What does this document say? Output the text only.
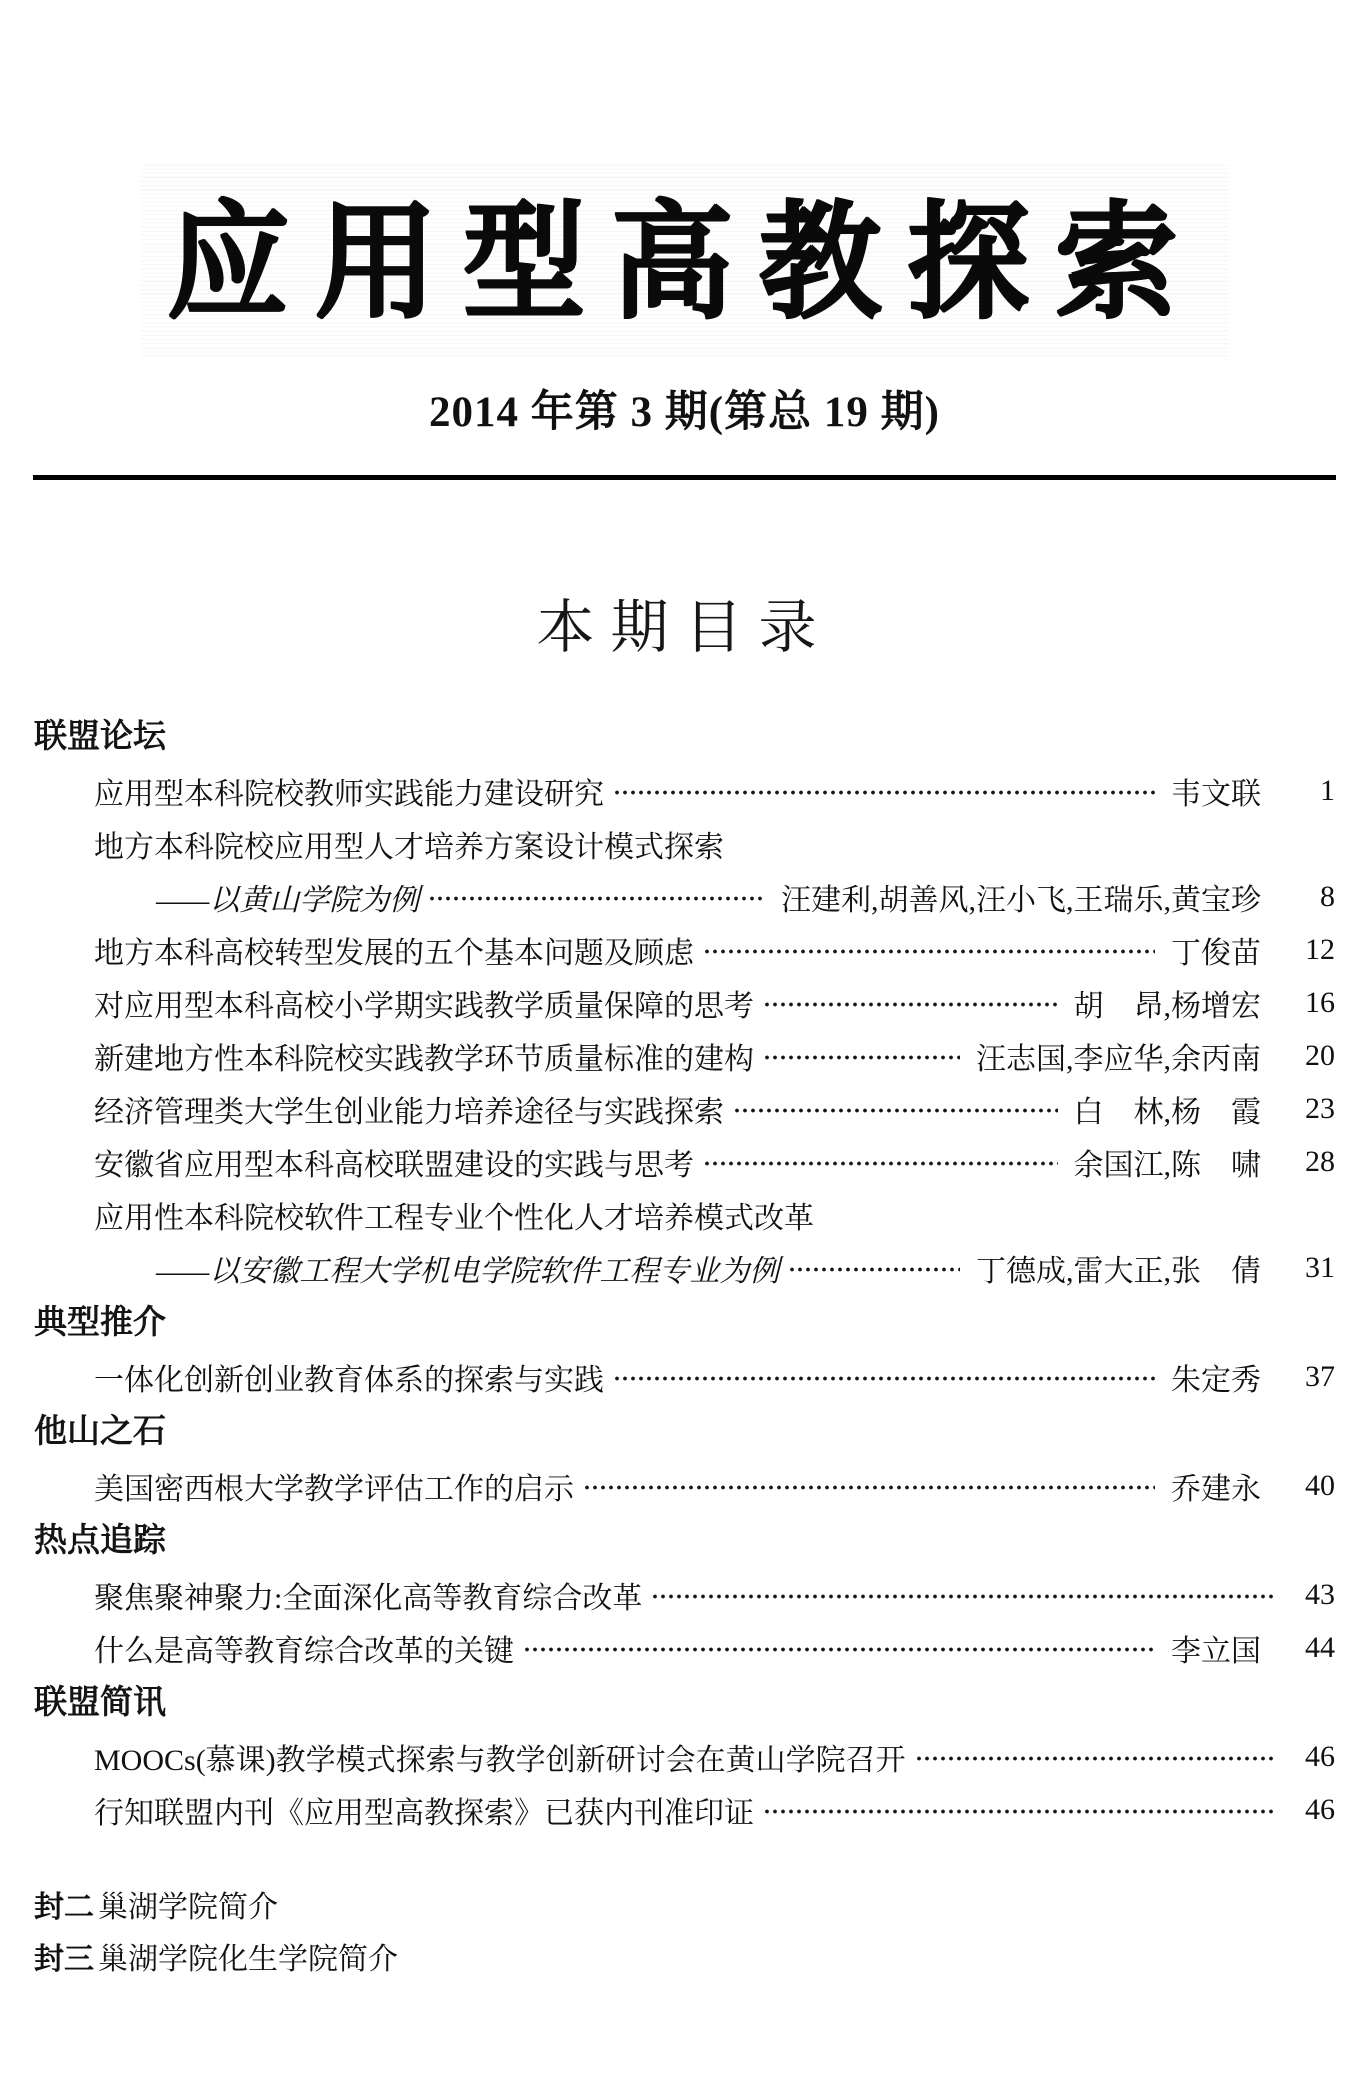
应用型高教探索
2014 年第 3 期(第总 19 期)
本期目录
联盟论坛
应用型本科院校教师实践能力建设研究	韦文联	1
地方本科院校应用型人才培养方案设计模式探索
——以黄山学院为例	汪建利,胡善风,汪小飞,王瑞乐,黄宝珍	8
地方本科高校转型发展的五个基本问题及顾虑	丁俊苗	12
对应用型本科高校小学期实践教学质量保障的思考	胡　昂,杨增宏	16
新建地方性本科院校实践教学环节质量标准的建构	汪志国,李应华,余丙南	20
经济管理类大学生创业能力培养途径与实践探索	白　林,杨　霞	23
安徽省应用型本科高校联盟建设的实践与思考	余国江,陈　啸	28
应用性本科院校软件工程专业个性化人才培养模式改革
——以安徽工程大学机电学院软件工程专业为例	丁德成,雷大正,张　倩	31
典型推介
一体化创新创业教育体系的探索与实践	朱定秀	37
他山之石
美国密西根大学教学评估工作的启示	乔建永	40
热点追踪
聚焦聚神聚力:全面深化高等教育综合改革	43
什么是高等教育综合改革的关键	李立国	44
联盟简讯
MOOCs(慕课)教学模式探索与教学创新研讨会在黄山学院召开	46
行知联盟内刊《应用型高教探索》已获内刊准印证	46
封二 巢湖学院简介
封三 巢湖学院化生学院简介
